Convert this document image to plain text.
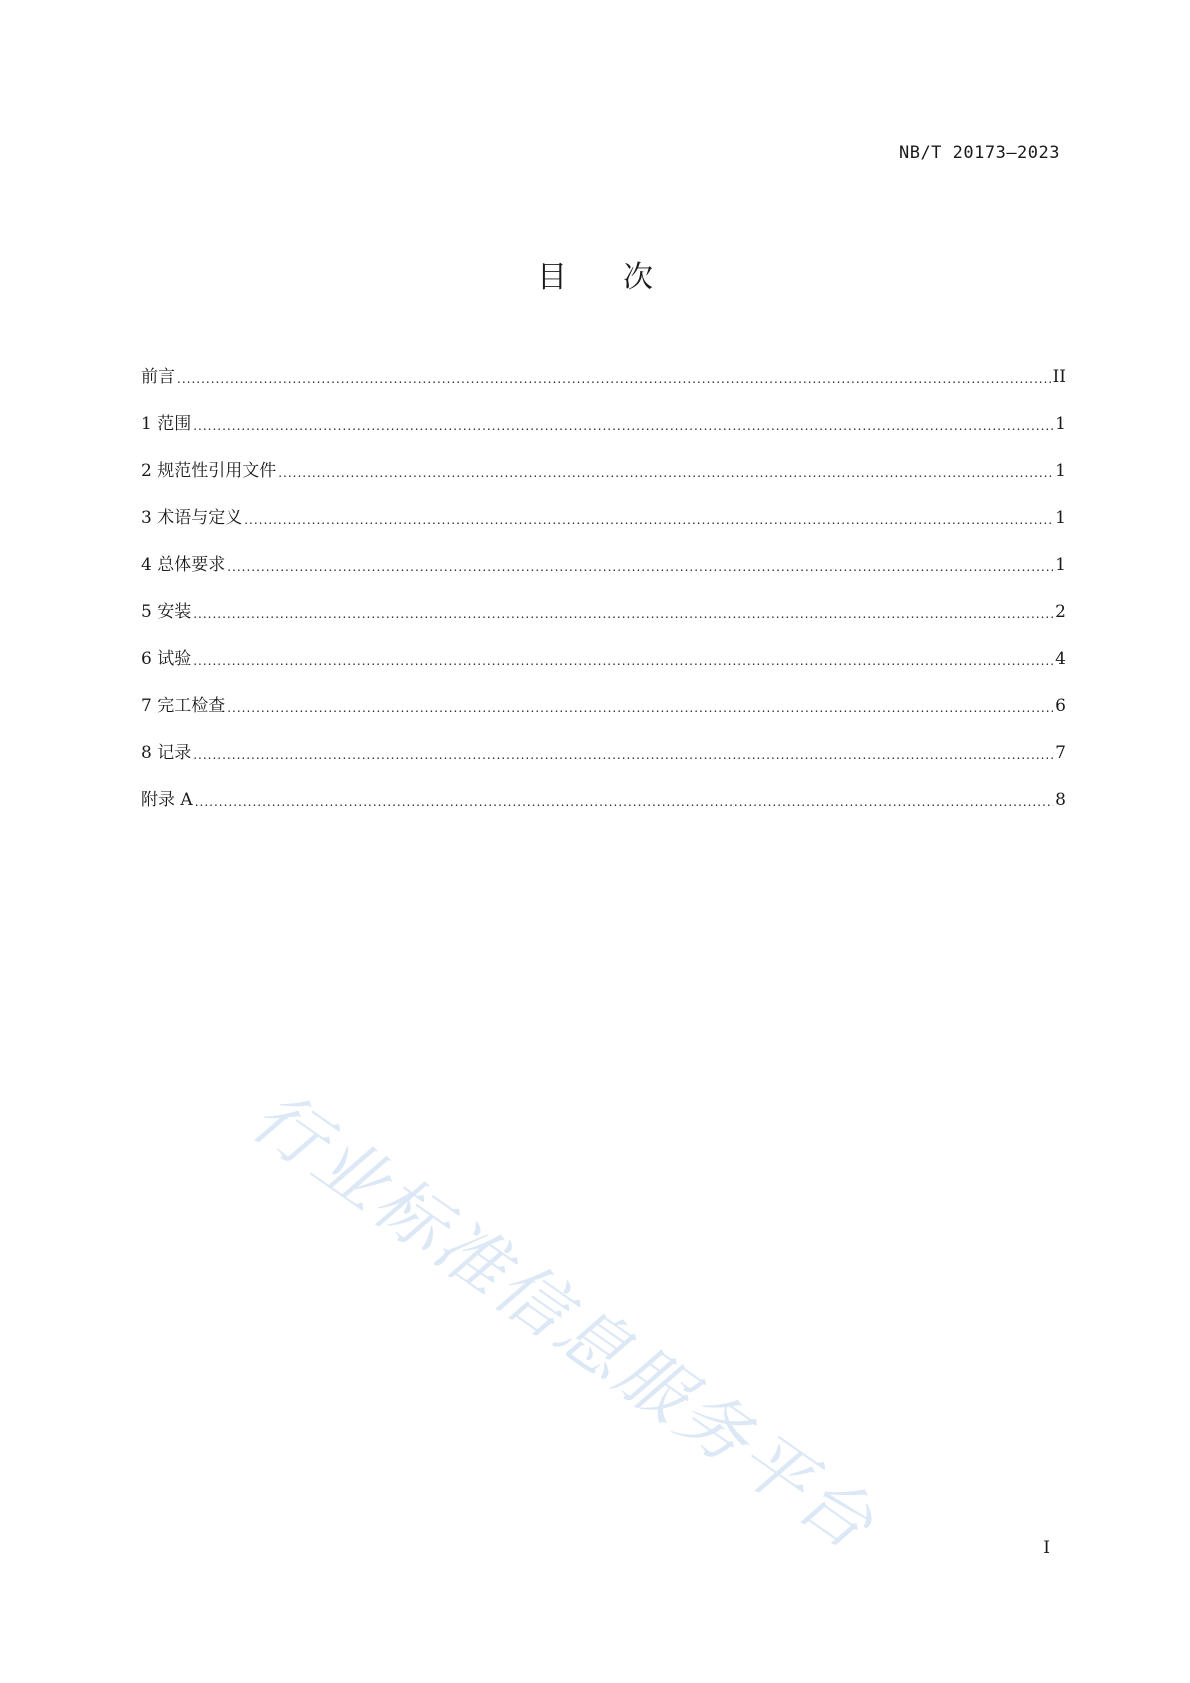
NB/T 20173—2023
目次
前言 .....	II
1 范围 .....	1
2 规范性引用文件 .....	1
3 术语与定义 .....	1
4 总体要求 .....	1
5 安装 .....	2
6 试验 .....	4
7 完工检查 .....	6
8 记录 .....	7
附录 A .....	8
行业标准信息服务平台	I
